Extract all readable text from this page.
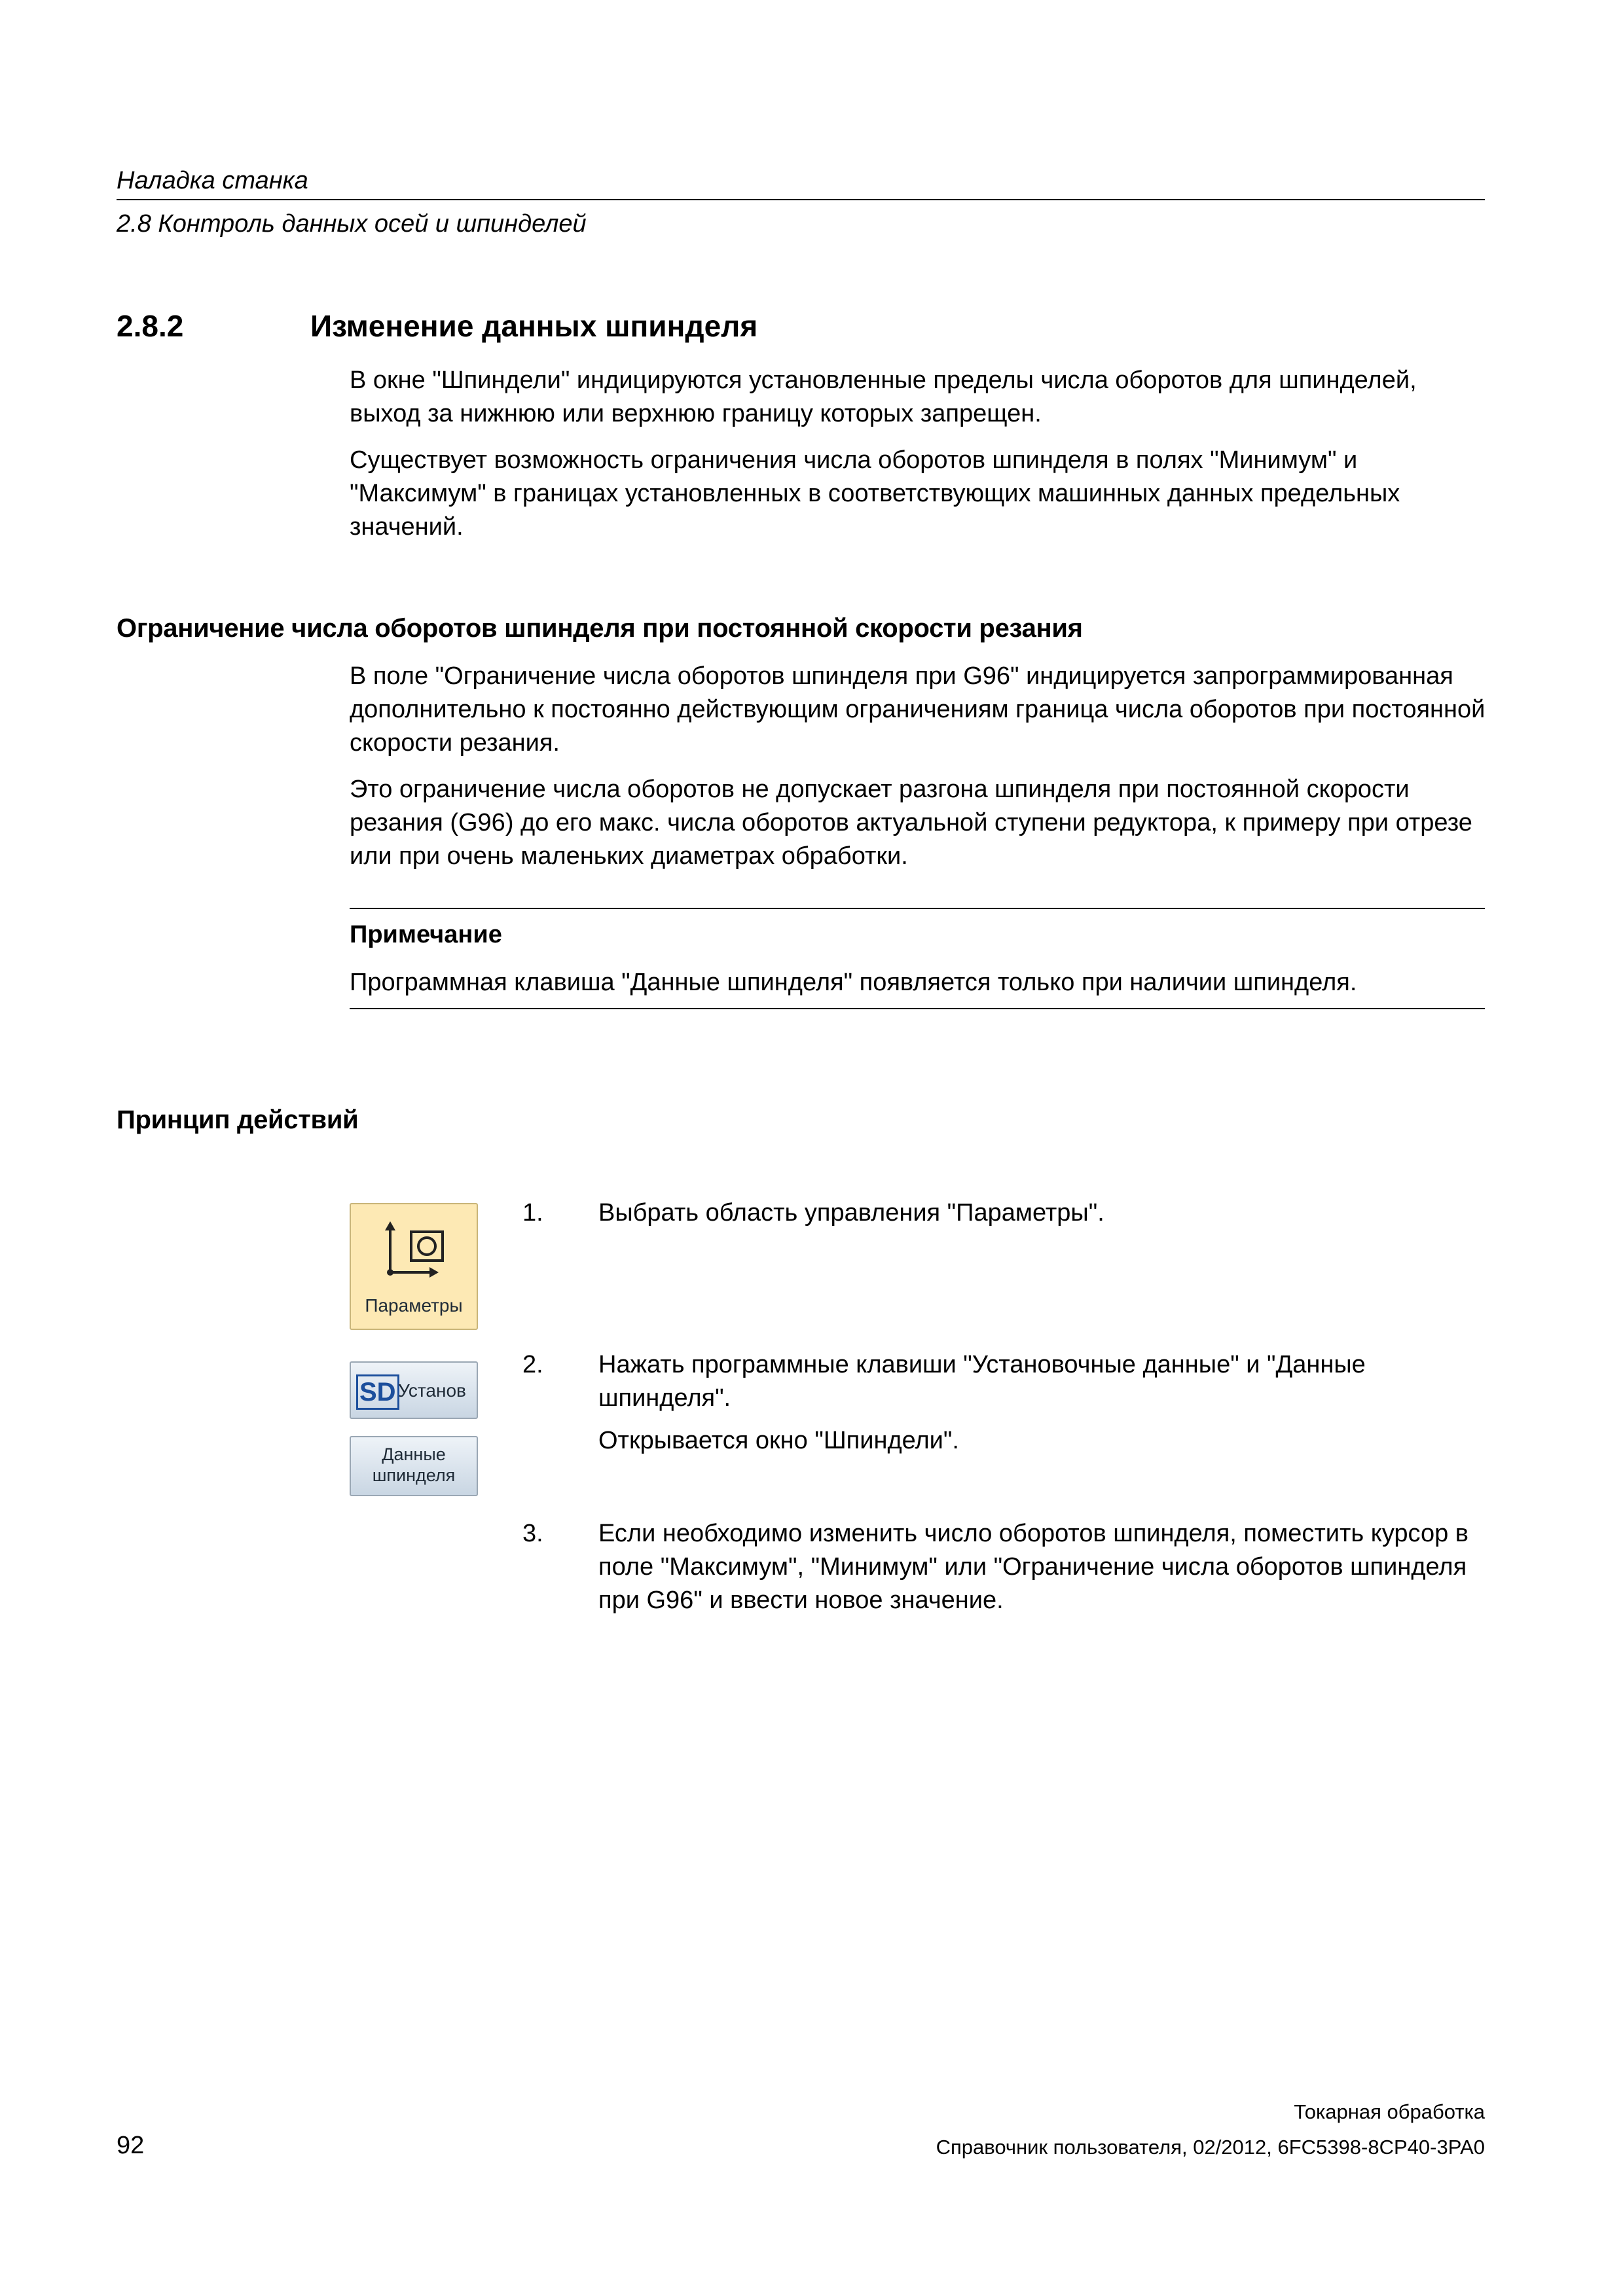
Наладка станка
2.8 Контроль данных осей и шпинделей
2.8.2	Изменение данных шпинделя

В окне "Шпиндели" индицируются установленные пределы числа оборотов для шпинделей, выход за нижнюю или верхнюю границу которых запрещен.

Существует возможность ограничения числа оборотов шпинделя в полях "Минимум" и "Максимум" в границах установленных в соответствующих машинных данных предельных значений.

Ограничение числа оборотов шпинделя при постоянной скорости резания

В поле "Ограничение числа оборотов шпинделя при G96" индицируется запрограммированная дополнительно к постоянно действующим ограничениям граница числа оборотов при постоянной скорости резания.

Это ограничение числа оборотов не допускает разгона шпинделя при постоянной скорости резания (G96) до его макс. числа оборотов актуальной ступени редуктора, к примеру при отрезе или при очень маленьких диаметрах обработки.

Примечание
Программная клавиша "Данные шпинделя" появляется только при наличии шпинделя.
Принцип действий
Параметры
SD Установ
Данные
шпинделя
1. Выбрать область управления "Параметры".
2. Нажать программные клавиши "Установочные данные" и "Данные шпинделя".
Открывается окно "Шпиндели".
3. Если необходимо изменить число оборотов шпинделя, поместить курсор в поле "Максимум", "Минимум" или "Ограничение числа оборотов шпинделя при G96" и ввести новое значение.
Токарная обработка
92	Справочник пользователя, 02/2012, 6FC5398-8CP40-3PA0
